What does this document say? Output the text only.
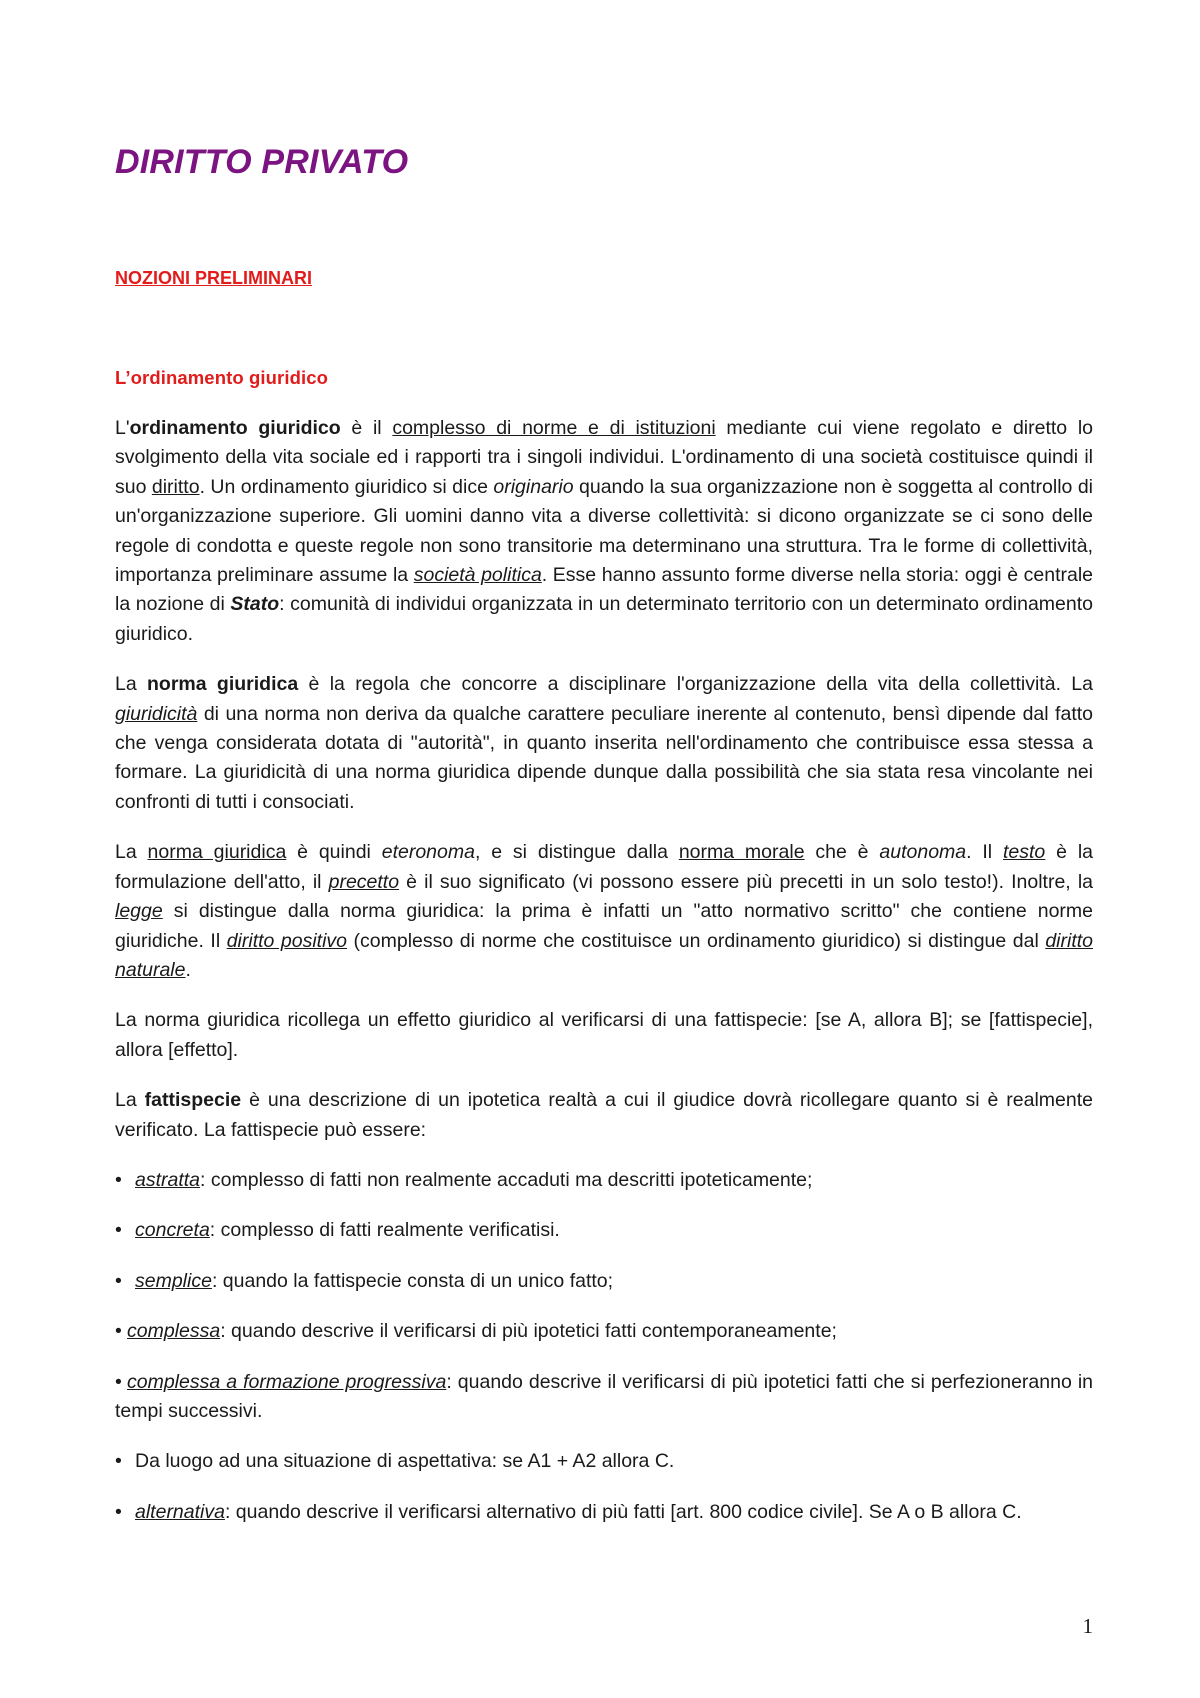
DIRITTO PRIVATO
NOZIONI PRELIMINARI
L’ordinamento giuridico

L'ordinamento giuridico è il complesso di norme e di istituzioni mediante cui viene regolato e diretto lo svolgimento della vita sociale ed i rapporti tra i singoli individui. L'ordinamento di una società costituisce quindi il suo diritto. Un ordinamento giuridico si dice originario quando la sua organizzazione non è soggetta al controllo di un'organizzazione superiore. Gli uomini danno vita a diverse collettività: si dicono organizzate se ci sono delle regole di condotta e queste regole non sono transitorie ma determinano una struttura. Tra le forme di collettività, importanza preliminare assume la società politica. Esse hanno assunto forme diverse nella storia: oggi è centrale la nozione di Stato: comunità di individui organizzata in un determinato territorio con un determinato ordinamento giuridico.

La norma giuridica è la regola che concorre a disciplinare l'organizzazione della vita della collettività. La giuridicità di una norma non deriva da qualche carattere peculiare inerente al contenuto, bensì dipende dal fatto che venga considerata dotata di "autorità", in quanto inserita nell'ordinamento che contribuisce essa stessa a formare. La giuridicità di una norma giuridica dipende dunque dalla possibilità che sia stata resa vincolante nei confronti di tutti i consociati.

La norma giuridica è quindi eteronoma, e si distingue dalla norma morale che è autonoma. Il testo è la formulazione dell'atto, il precetto è il suo significato (vi possono essere più precetti in un solo testo!). Inoltre, la legge si distingue dalla norma giuridica: la prima è infatti un "atto normativo scritto" che contiene norme giuridiche. Il diritto positivo (complesso di norme che costituisce un ordinamento giuridico) si distingue dal diritto naturale.

La norma giuridica ricollega un effetto giuridico al verificarsi di una fattispecie: [se A, allora B]; se [fattispecie], allora [effetto].

La fattispecie è una descrizione di un ipotetica realtà a cui il giudice dovrà ricollegare quanto si è realmente verificato. La fattispecie può essere:

• astratta: complesso di fatti non realmente accaduti ma descritti ipoteticamente;

• concreta: complesso di fatti realmente verificatisi.

• semplice: quando la fattispecie consta di un unico fatto;

• complessa: quando descrive il verificarsi di più ipotetici fatti contemporaneamente;

• complessa a formazione progressiva: quando descrive il verificarsi di più ipotetici fatti che si perfezioneranno in tempi successivi.

• Da luogo ad una situazione di aspettativa: se A1 + A2 allora C.

• alternativa: quando descrive il verificarsi alternativo di più fatti [art. 800 codice civile]. Se A o B allora C.

1
